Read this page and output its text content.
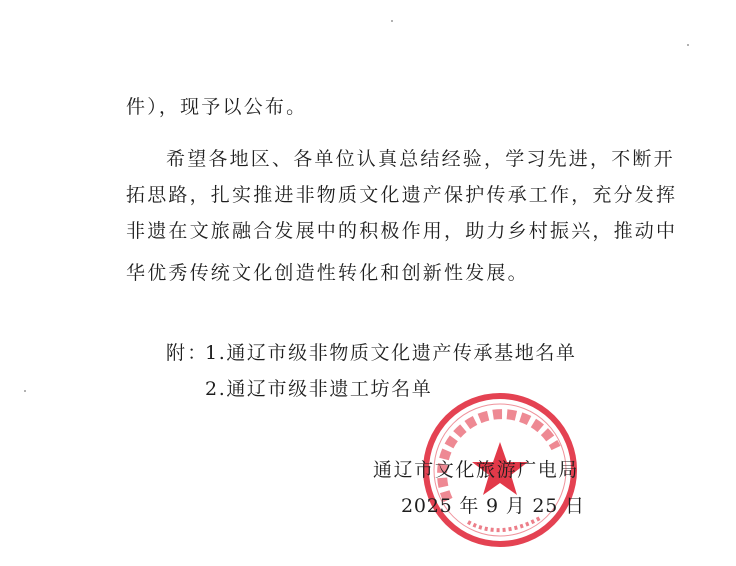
件），现予以公布。
希望各地区、各单位认真总结经验，学习先进，不断开
拓思路，扎实推进非物质文化遗产保护传承工作，充分发挥
非遗在文旅融合发展中的积极作用，助力乡村振兴，推动中
华优秀传统文化创造性转化和创新性发展。
附：
1.通辽市级非物质文化遗产传承基地名单
2.通辽市级非遗工坊名单
通辽市文化旅游广电局
2025 年 9 月 25 日
